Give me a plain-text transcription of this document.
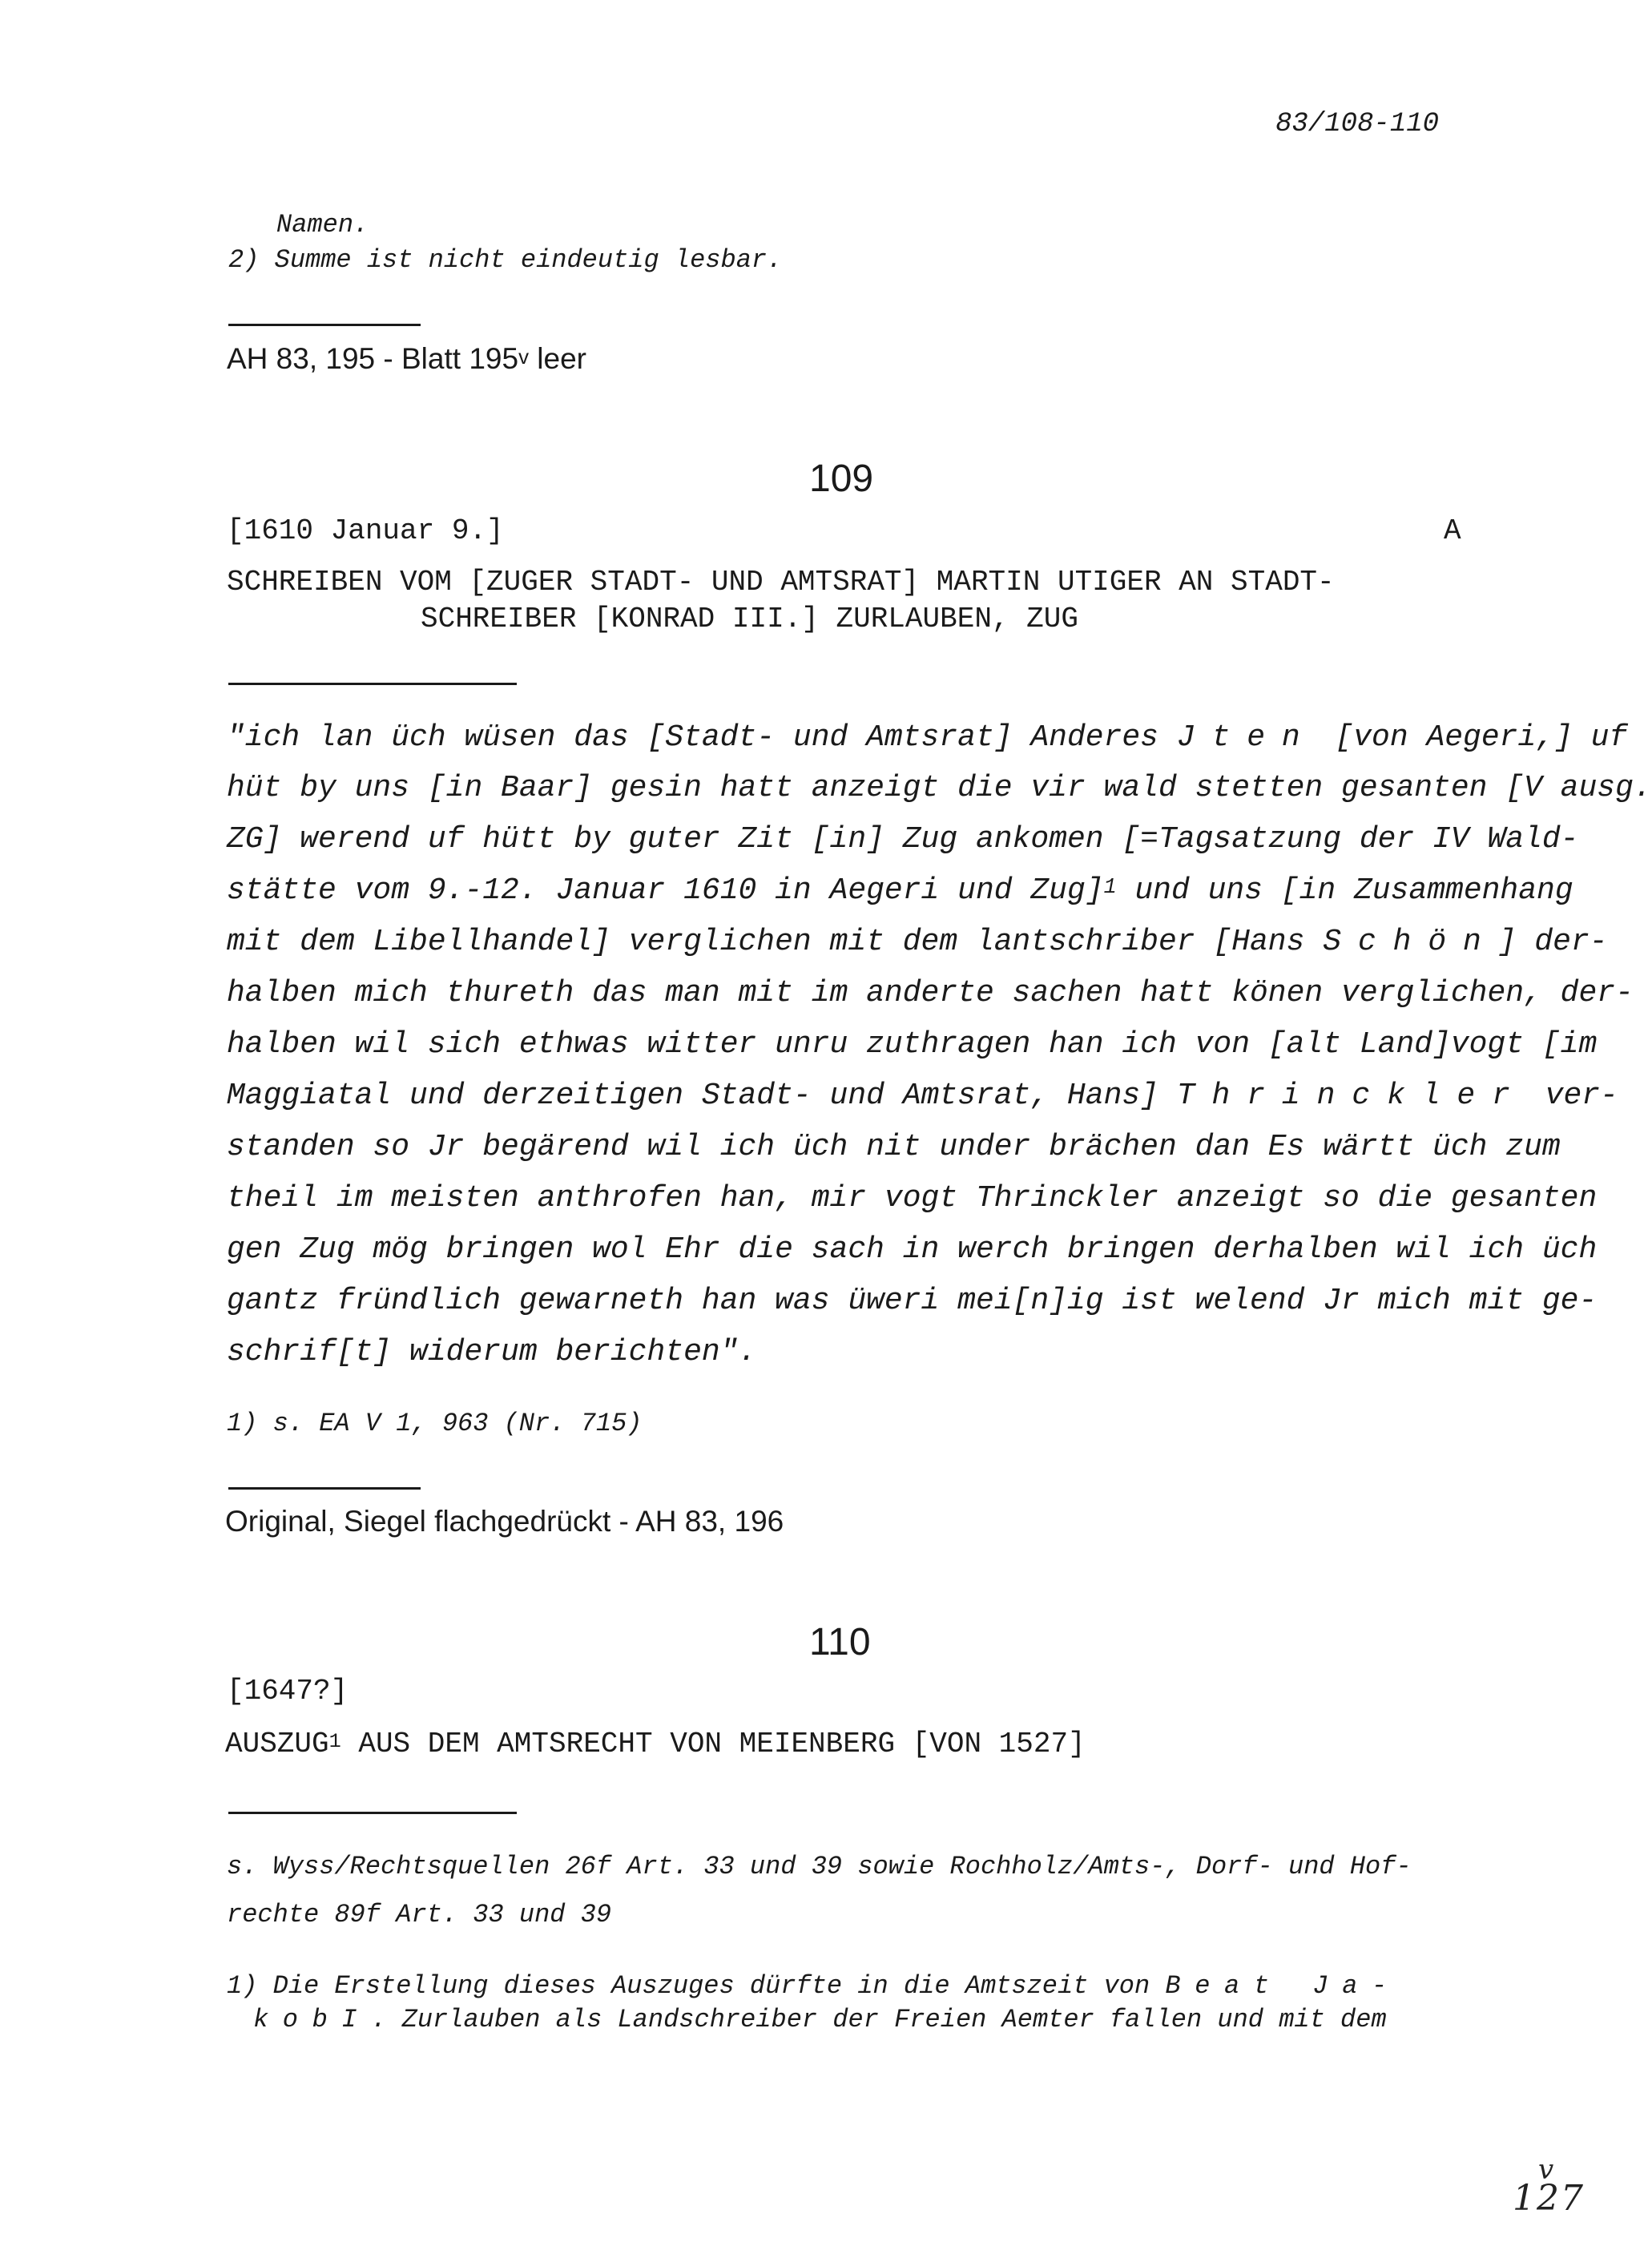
83/108-110
Namen.
2) Summe ist nicht eindeutig lesbar.
AH 83, 195 - Blatt 195$^v$ leer
109
[1610 Januar 9.]	A
SCHREIBEN VOM [ZUGER STADT- UND AMTSRAT] MARTIN UTIGER AN STADT-
SCHREIBER [KONRAD III.] ZURLAUBEN, ZUG
"ich lan üch wüsen das [Stadt- und Amtsrat] Anderes Jten [von Aegeri,] uf
hüt by uns [in Baar] gesin hatt anzeigt die vir wald stetten gesanten [V ausg.
ZG] werend uf hütt by guter Zit [in] Zug ankomen [=Tagsatzung der IV Wald-
stätte vom 9.-12. Januar 1610 in Aegeri und Zug]$^1$ und uns [in Zusammenhang
mit dem Libellhandel] verglichen mit dem lantschriber [Hans Schön] der-
halben mich thureth das man mit im anderte sachen hatt könen verglichen, der-
halben wil sich ethwas witter unru zuthragen han ich von [alt Land]vogt [im
Maggiatal und derzeitigen Stadt- und Amtsrat, Hans] Thrinckler ver-
standen so Jr begärend wil ich üch nit under brächen dan Es wärtt üch zum
theil im meisten anthrofen han, mir vogt Thrinckler anzeigt so die gesanten
gen Zug mög bringen wol Ehr die sach in werch bringen derhalben wil ich üch
gantz fründlich gewarneth han was üweri mei[n]ig ist welend Jr mich mit ge-
schrif[t] widerum berichten".
1) s. EA V 1, 963 (Nr. 715)
Original, Siegel flachgedrückt - AH 83, 196
110
[1647?]
AUSZUG$^1$ AUS DEM AMTSRECHT VON MEIENBERG [VON 1527]
s. Wyss/Rechtsquellen 26f Art. 33 und 39 sowie Rochholz/Amts-, Dorf- und Hof-
rechte 89f Art. 33 und 39
1) Die Erstellung dieses Auszuges dürfte in die Amtszeit von Beat Ja-
kobI. Zurlauben als Landschreiber der Freien Aemter fallen und mit dem
v
127
